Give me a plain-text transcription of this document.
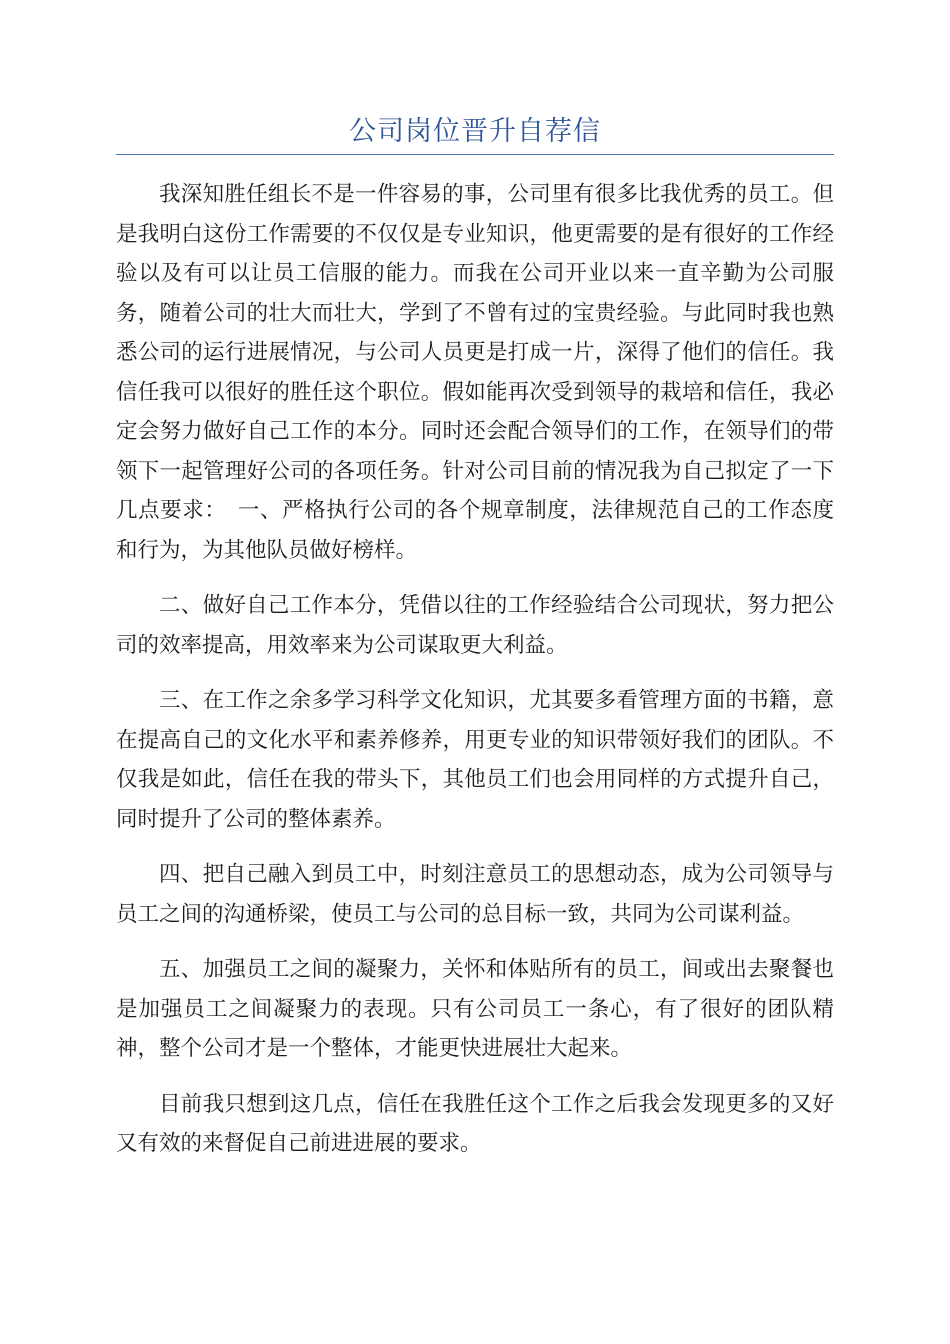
公司岗位晋升自荐信

我深知胜任组长不是一件容易的事，公司里有很多比我优秀的员工。但是我明白这份工作需要的不仅仅是专业知识，他更需要的是有很好的工作经验以及有可以让员工信服的能力。而我在公司开业以来一直辛勤为公司服务，随着公司的壮大而壮大，学到了不曾有过的宝贵经验。与此同时我也熟悉公司的运行进展情况，与公司人员更是打成一片，深得了他们的信任。我信任我可以很好的胜任这个职位。假如能再次受到领导的栽培和信任，我必定会努力做好自己工作的本分。同时还会配合领导们的工作，在领导们的带领下一起管理好公司的各项任务。针对公司目前的情况我为自己拟定了一下几点要求：　一、严格执行公司的各个规章制度，法律规范自己的工作态度和行为，为其他队员做好榜样。

二、做好自己工作本分，凭借以往的工作经验结合公司现状，努力把公司的效率提高，用效率来为公司谋取更大利益。

三、在工作之余多学习科学文化知识，尤其要多看管理方面的书籍，意在提高自己的文化水平和素养修养，用更专业的知识带领好我们的团队。不仅我是如此，信任在我的带头下，其他员工们也会用同样的方式提升自己，同时提升了公司的整体素养。

四、把自己融入到员工中，时刻注意员工的思想动态，成为公司领导与员工之间的沟通桥梁，使员工与公司的总目标一致，共同为公司谋利益。

五、加强员工之间的凝聚力，关怀和体贴所有的员工，间或出去聚餐也是加强员工之间凝聚力的表现。只有公司员工一条心，有了很好的团队精神，整个公司才是一个整体，才能更快进展壮大起来。

目前我只想到这几点，信任在我胜任这个工作之后我会发现更多的又好又有效的来督促自己前进进展的要求。
